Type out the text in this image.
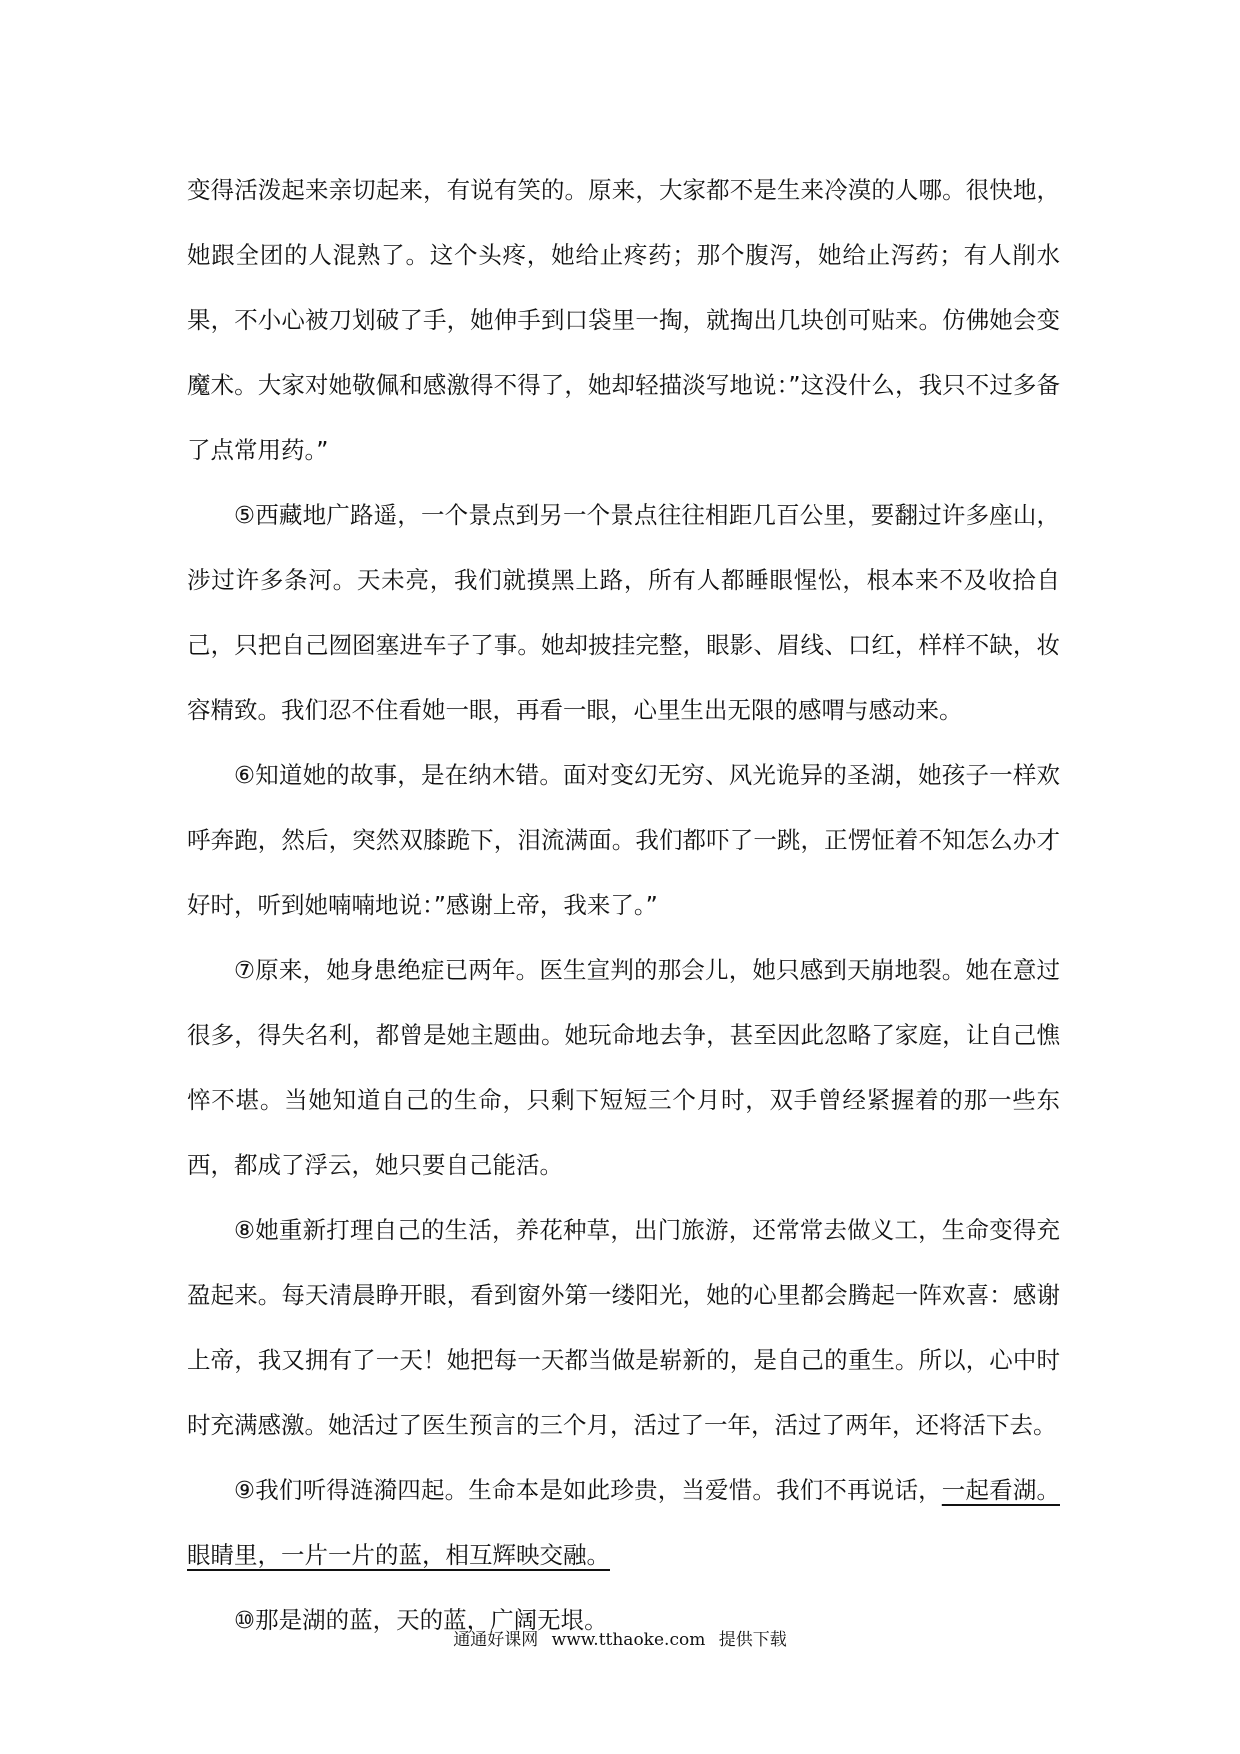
变得活泼起来亲切起来，有说有笑的。原来，大家都不是生来冷漠的人哪。很快地，她跟全团的人混熟了。这个头疼，她给止疼药；那个腹泻，她给止泻药；有人削水果，不小心被刀划破了手，她伸手到口袋里一掏，就掏出几块创可贴来。仿佛她会变魔术。大家对她敬佩和感激得不得了，她却轻描淡写地说：”这没什么，我只不过多备了点常用药。”

⑤西藏地广路遥，一个景点到另一个景点往往相距几百公里，要翻过许多座山，涉过许多条河。天未亮，我们就摸黑上路，所有人都睡眼惺忪，根本来不及收拾自己，只把自己囫囵塞进车子了事。她却披挂完整，眼影、眉线、口红，样样不缺，妆容精致。我们忍不住看她一眼，再看一眼，心里生出无限的感喟与感动来。

⑥知道她的故事，是在纳木错。面对变幻无穷、风光诡异的圣湖，她孩子一样欢呼奔跑，然后，突然双膝跪下，泪流满面。我们都吓了一跳，正愣怔着不知怎么办才好时，听到她喃喃地说：”感谢上帝，我来了。”

⑦原来，她身患绝症已两年。医生宣判的那会儿，她只感到天崩地裂。她在意过很多，得失名利，都曾是她主题曲。她玩命地去争，甚至因此忽略了家庭，让自己憔悴不堪。当她知道自己的生命，只剩下短短三个月时，双手曾经紧握着的那一些东西，都成了浮云，她只要自己能活。

⑧她重新打理自己的生活，养花种草，出门旅游，还常常去做义工，生命变得充盈起来。每天清晨睁开眼，看到窗外第一缕阳光，她的心里都会腾起一阵欢喜：感谢上帝，我又拥有了一天！她把每一天都当做是崭新的，是自己的重生。所以，心中时时充满感激。她活过了医生预言的三个月，活过了一年，活过了两年，还将活下去。

⑨我们听得涟漪四起。生命本是如此珍贵，当爱惜。我们不再说话，一起看湖。眼睛里，一片一片的蓝，相互辉映交融。

⑩那是湖的蓝，天的蓝，广阔无垠。

通通好课网 www.tthaoke.com 提供下载
